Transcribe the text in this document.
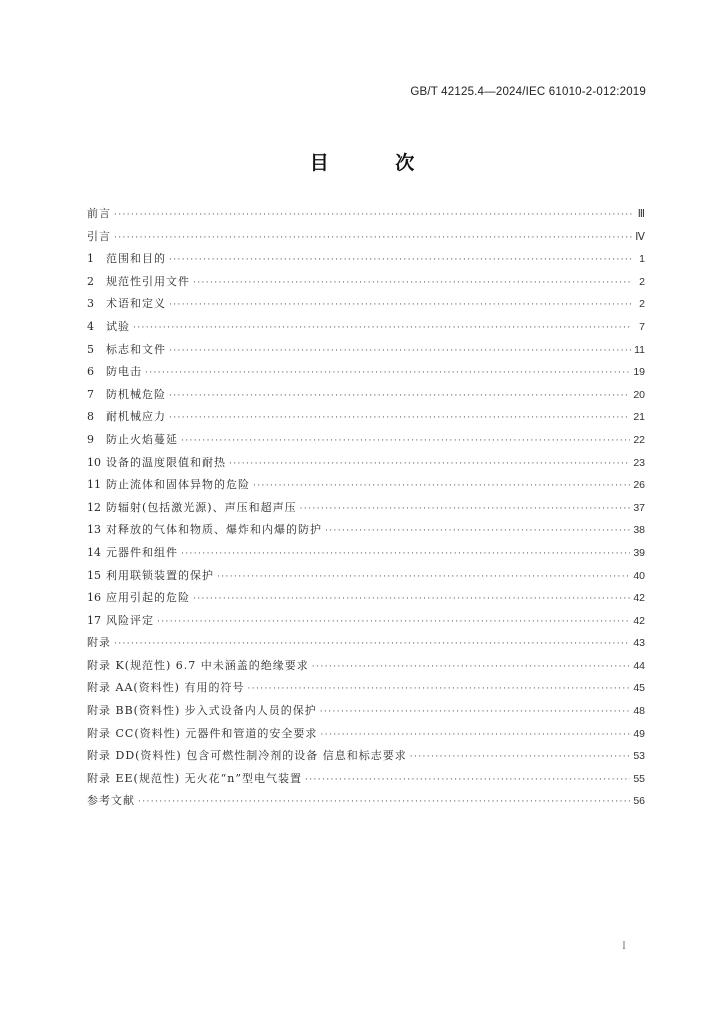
GB/T 42125.4—2024/IEC 61010-2-012:2019
目 次
前言 ·····	Ⅲ
引言 ·····	Ⅳ
1	范围和目的 ·····	1
2	规范性引用文件 ·····	2
3	术语和定义 ·····	2
4	试验 ·····	7
5	标志和文件 ·····	11
6	防电击 ·····	19
7	防机械危险 ·····	20
8	耐机械应力 ·····	21
9	防止火焰蔓延 ·····	22
10 设备的温度限值和耐热 ·····	23
11 防止流体和固体异物的危险 ·····	26
12 防辐射(包括激光源)、声压和超声压 ·····	37
13 对释放的气体和物质、爆炸和内爆的防护 ·····	38
14 元器件和组件 ·····	39
15 利用联锁装置的保护 ·····	40
16 应用引起的危险 ·····	42
17 风险评定 ·····	42
附录 ·····	43
附录 K(规范性) 6.7 中未涵盖的绝缘要求 ·····	44
附录 AA(资料性) 有用的符号 ·····	45
附录 BB(资料性) 步入式设备内人员的保护 ·····	48
附录 CC(资料性) 元器件和管道的安全要求 ·····	49
附录 DD(资料性) 包含可燃性制冷剂的设备 信息和标志要求 ·····	53
附录 EE(规范性) 无火花“n”型电气装置 ·····	55
参考文献 ·····	56
Ⅰ
